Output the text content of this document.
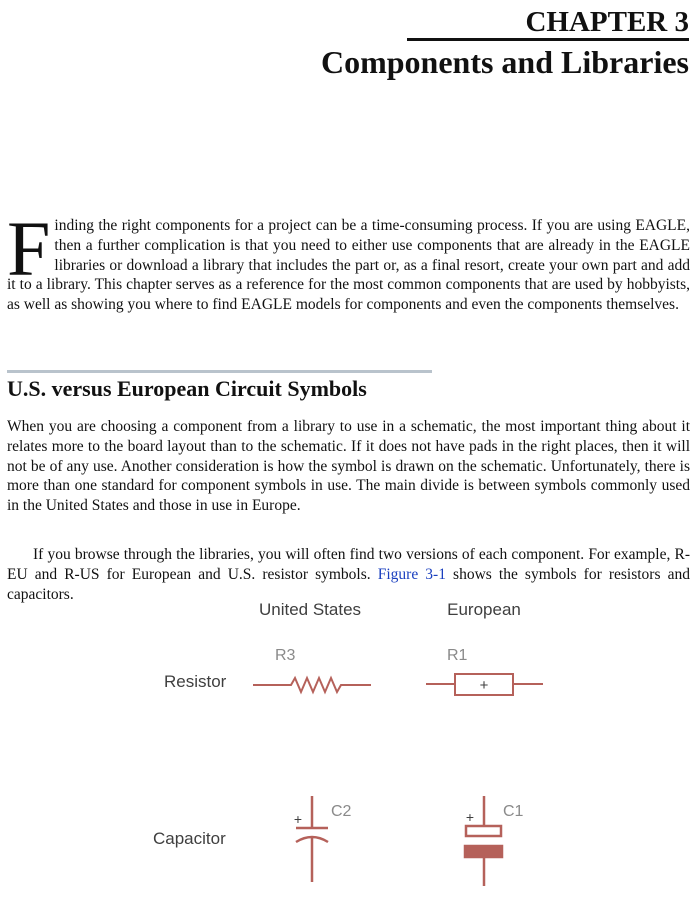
CHAPTER 3
Components and Libraries

Finding the right components for a project can be a time-consuming process. If you are using EAGLE, then a further complication is that you need to either use components that are already in the EAGLE libraries or download a library that includes the part or, as a final resort, create your own part and add it to a library. This chapter serves as a reference for the most common components that are used by hobbyists, as well as showing you where to find EAGLE models for components and even the components themselves.

U.S. versus European Circuit Symbols

When you are choosing a component from a library to use in a schematic, the most important thing about it relates more to the board layout than to the schematic. If it does not have pads in the right places, then it will not be of any use. Another consideration is how the symbol is drawn on the schematic. Unfortunately, there is more than one standard for component symbols in use. The main divide is between symbols commonly used in the United States and those in use in Europe.

If you browse through the libraries, you will often find two versions of each component. For example, R-EU and R-US for European and U.S. resistor symbols. Figure 3-1 shows the symbols for resistors and capacitors.

United States	European
Resistor
R3	R1
+
Capacitor
C2	C1
+	+
